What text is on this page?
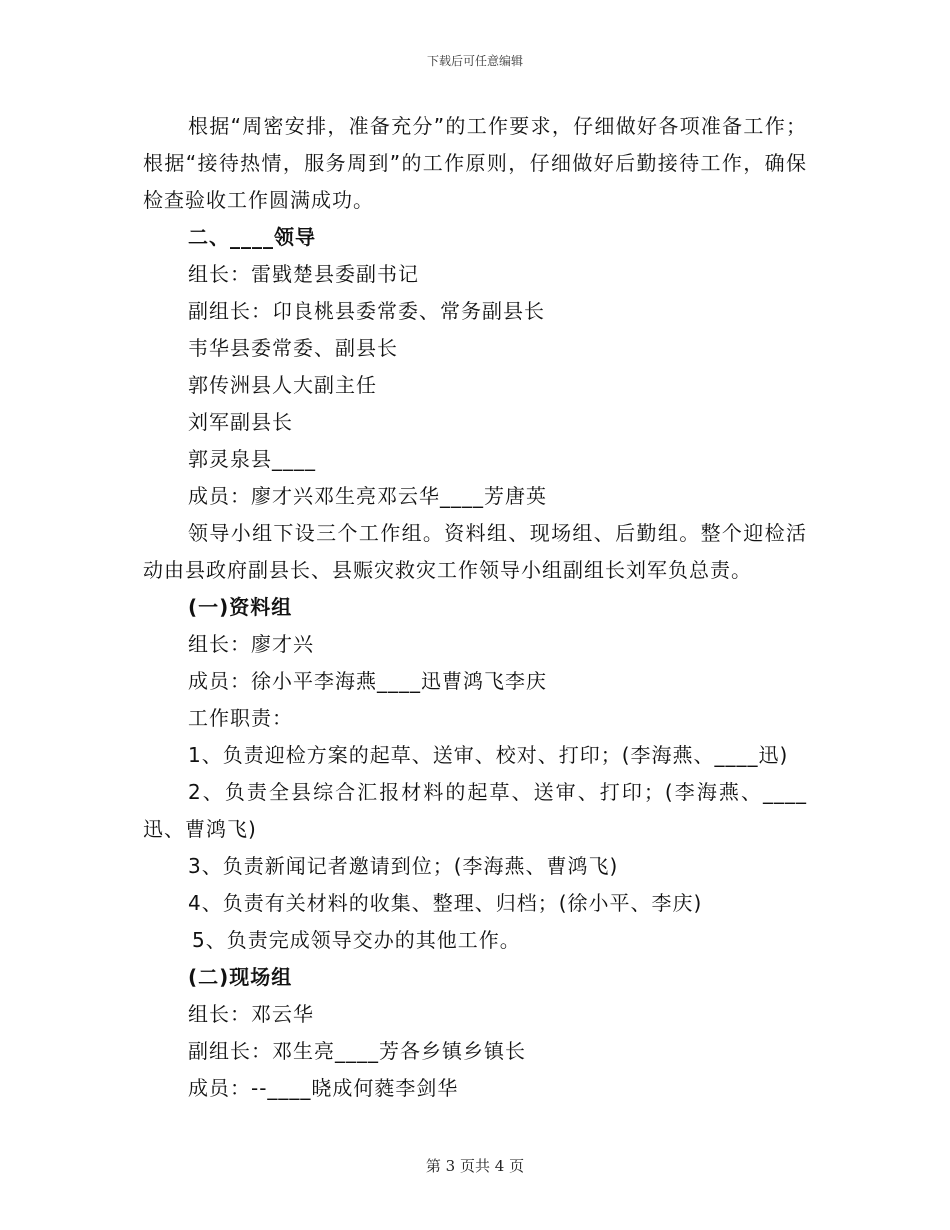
下载后可任意编辑

根据“周密安排，准备充分”的工作要求，仔细做好各项准备工作；根据“接待热情，服务周到”的工作原则，仔细做好后勤接待工作，确保检查验收工作圆满成功。

二、____领导

组长：雷戥楚县委副书记

副组长：卬良桃县委常委、常务副县长

韦华县委常委、副县长

郭传洲县人大副主任

刘军副县长

郭灵泉县____

成员：廖才兴邓生亮邓云华____芳唐英

领导小组下设三个工作组。资料组、现场组、后勤组。整个迎检活动由县政府副县长、县赈灾救灾工作领导小组副组长刘军负总责。

(一)资料组

组长：廖才兴

成员：徐小平李海燕____迅曹鸿飞李庆

工作职责：

1、负责迎检方案的起草、送审、校对、打印；(李海燕、____迅)

2、负责全县综合汇报材料的起草、送审、打印；(李海燕、____迅、曹鸿飞)

3、负责新闻记者邀请到位；(李海燕、曹鸿飞)

4、负责有关材料的收集、整理、归档；(徐小平、李庆)

5、负责完成领导交办的其他工作。

(二)现场组

组长：邓云华

副组长：邓生亮____芳各乡镇乡镇长

成员：--____晓成何蕤李剑华

第 3 页共 4 页
